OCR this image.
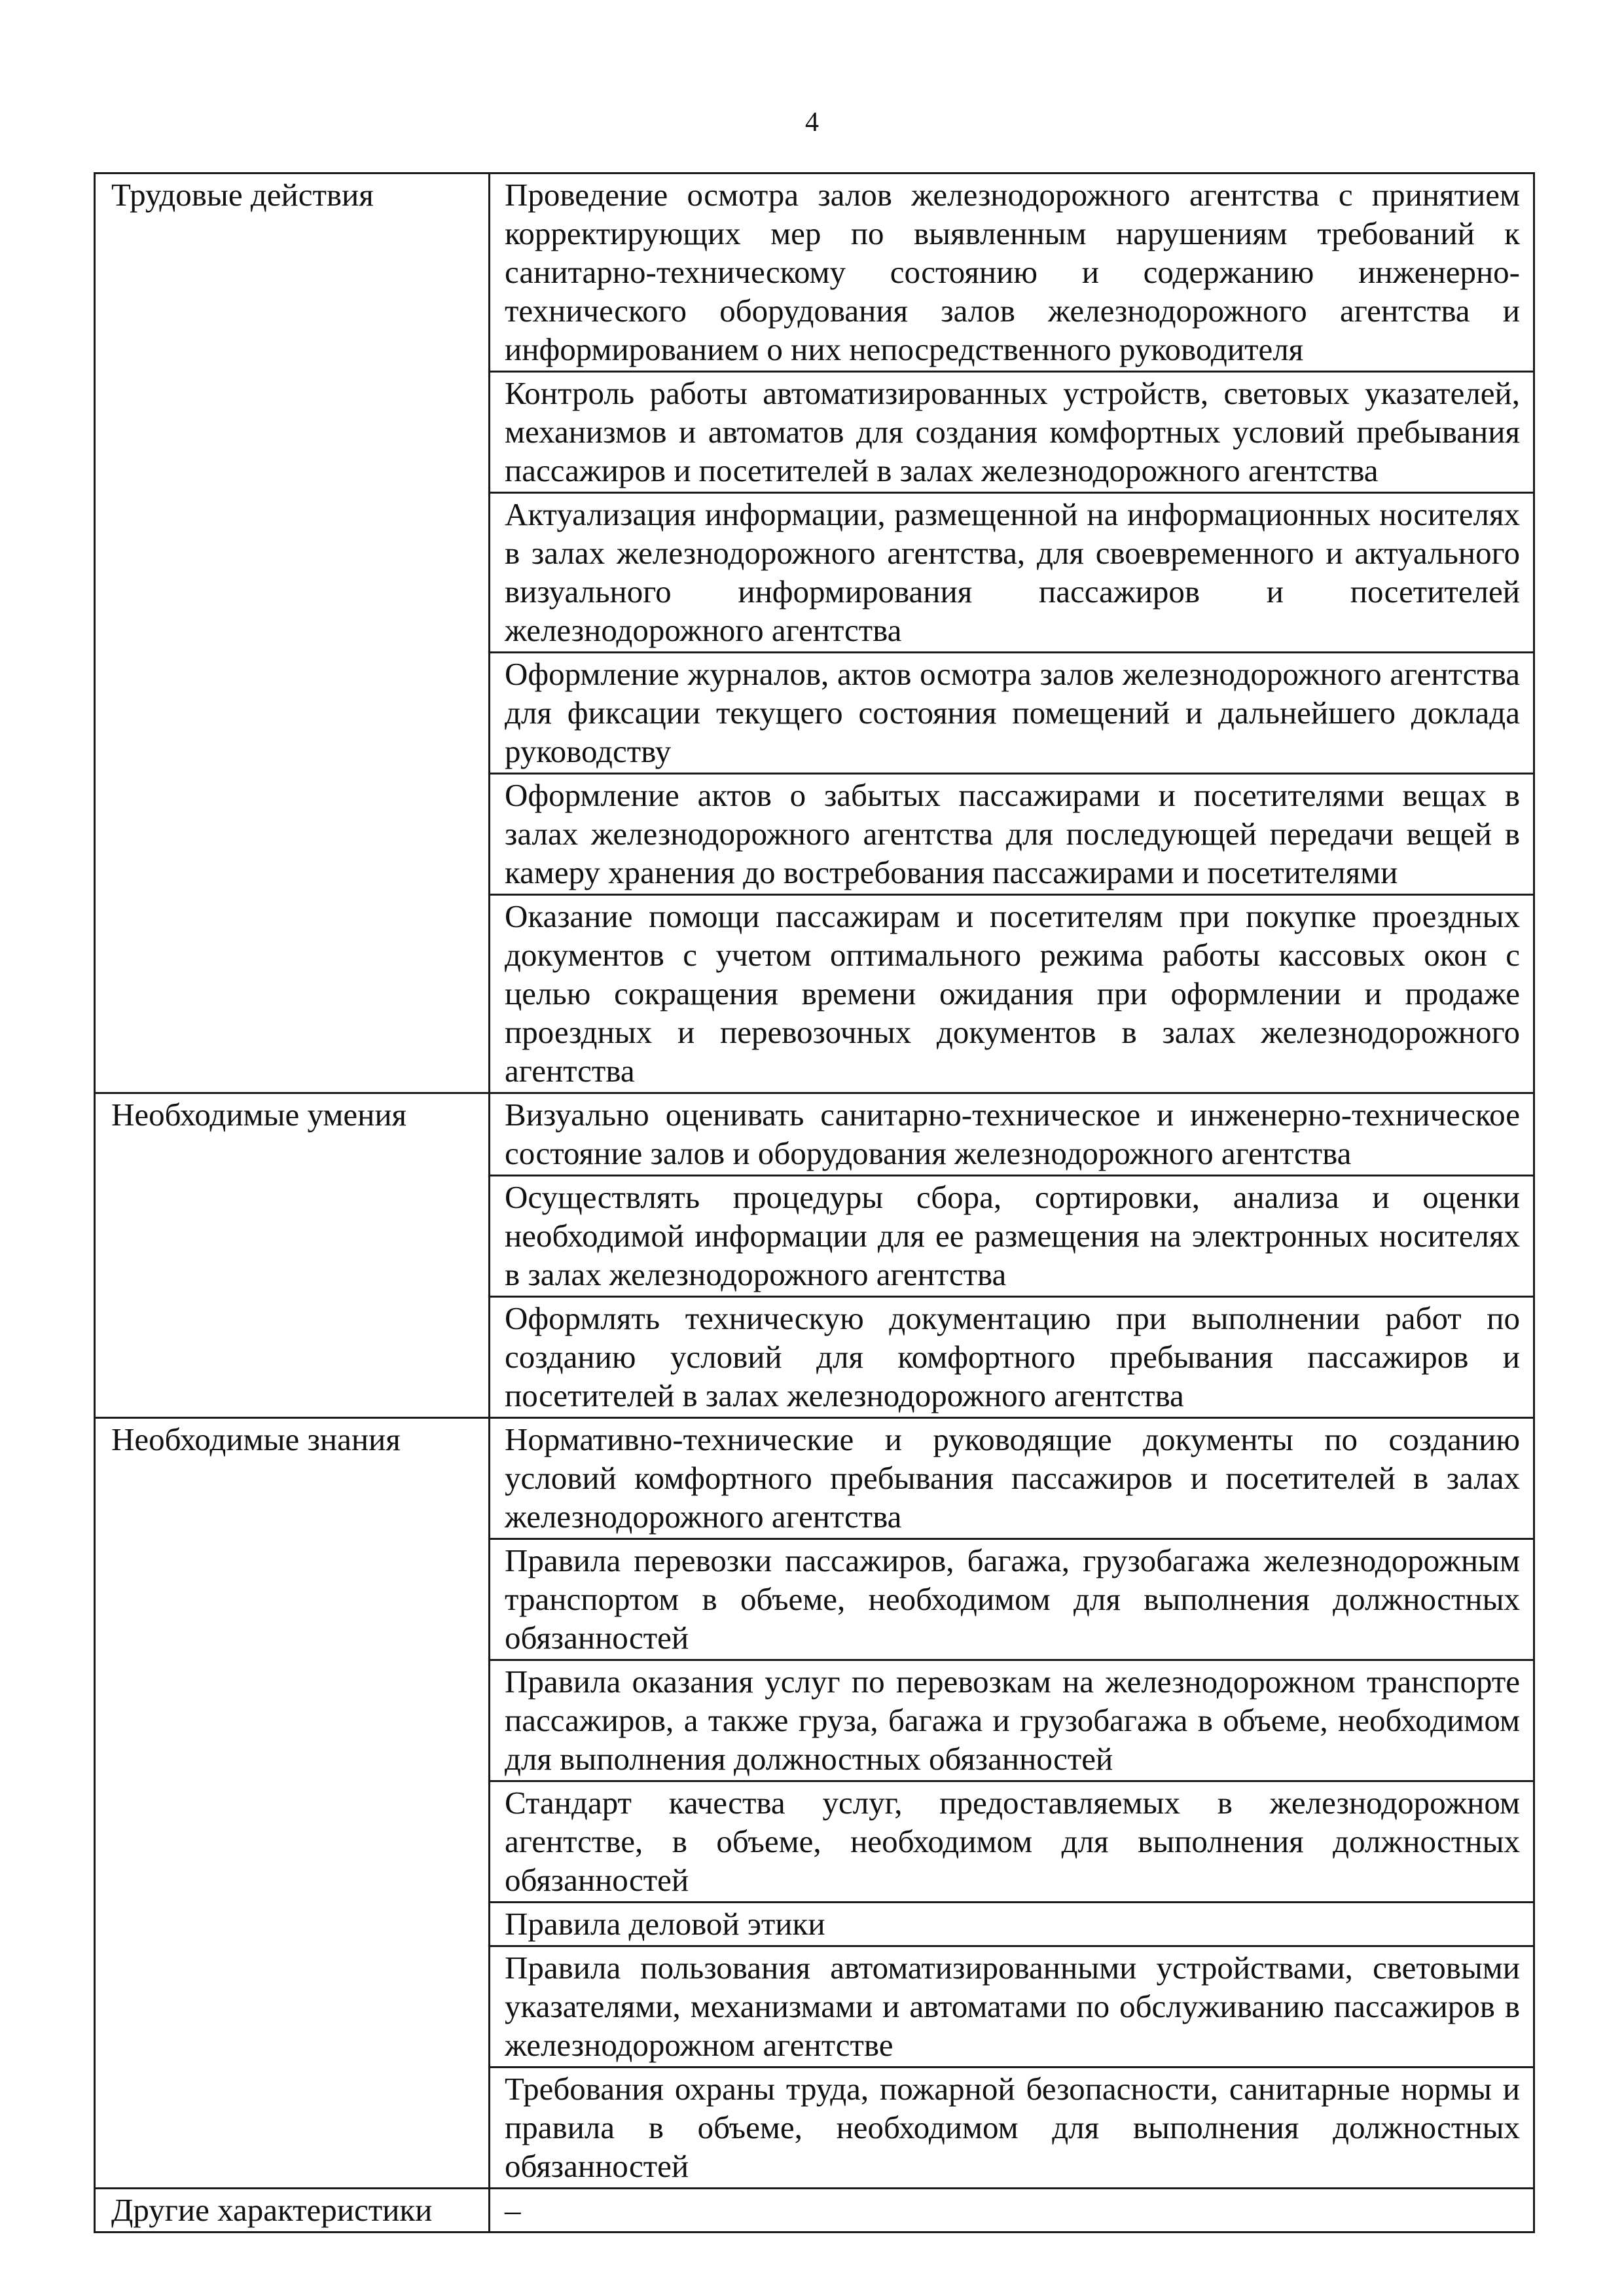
4
Трудовые действия	Проведение осмотра залов железнодорожного агентства с принятием корректирующих мер по выявленным нарушениям требований к санитарно-техническому состоянию и содержанию инженерно-технического оборудования залов железнодорожного агентства и информированием о них непосредственного руководителя
	Контроль работы автоматизированных устройств, световых указателей, механизмов и автоматов для создания комфортных условий пребывания пассажиров и посетителей в залах железнодорожного агентства
	Актуализация информации, размещенной на информационных носителях в залах железнодорожного агентства, для своевременного и актуального визуального информирования пассажиров и посетителей железнодорожного агентства
	Оформление журналов, актов осмотра залов железнодорожного агентства для фиксации текущего состояния помещений и дальнейшего доклада руководству
	Оформление актов о забытых пассажирами и посетителями вещах в залах железнодорожного агентства для последующей передачи вещей в камеру хранения до востребования пассажирами и посетителями
	Оказание помощи пассажирам и посетителям при покупке проездных документов с учетом оптимального режима работы кассовых окон с целью сокращения времени ожидания при оформлении и продаже проездных и перевозочных документов в залах железнодорожного агентства
Необходимые умения	Визуально оценивать санитарно-техническое и инженерно-техническое состояние залов и оборудования железнодорожного агентства
	Осуществлять процедуры сбора, сортировки, анализа и оценки необходимой информации для ее размещения на электронных носителях в залах железнодорожного агентства
	Оформлять техническую документацию при выполнении работ по созданию условий для комфортного пребывания пассажиров и посетителей в залах железнодорожного агентства
Необходимые знания	Нормативно-технические и руководящие документы по созданию условий комфортного пребывания пассажиров и посетителей в залах железнодорожного агентства
	Правила перевозки пассажиров, багажа, грузобагажа железнодорожным транспортом в объеме, необходимом для выполнения должностных обязанностей
	Правила оказания услуг по перевозкам на железнодорожном транспорте пассажиров, а также груза, багажа и грузобагажа в объеме, необходимом для выполнения должностных обязанностей
	Стандарт качества услуг, предоставляемых в железнодорожном агентстве, в объеме, необходимом для выполнения должностных обязанностей
	Правила деловой этики
	Правила пользования автоматизированными устройствами, световыми указателями, механизмами и автоматами по обслуживанию пассажиров в железнодорожном агентстве
	Требования охраны труда, пожарной безопасности, санитарные нормы и правила в объеме, необходимом для выполнения должностных обязанностей
Другие характеристики	–
